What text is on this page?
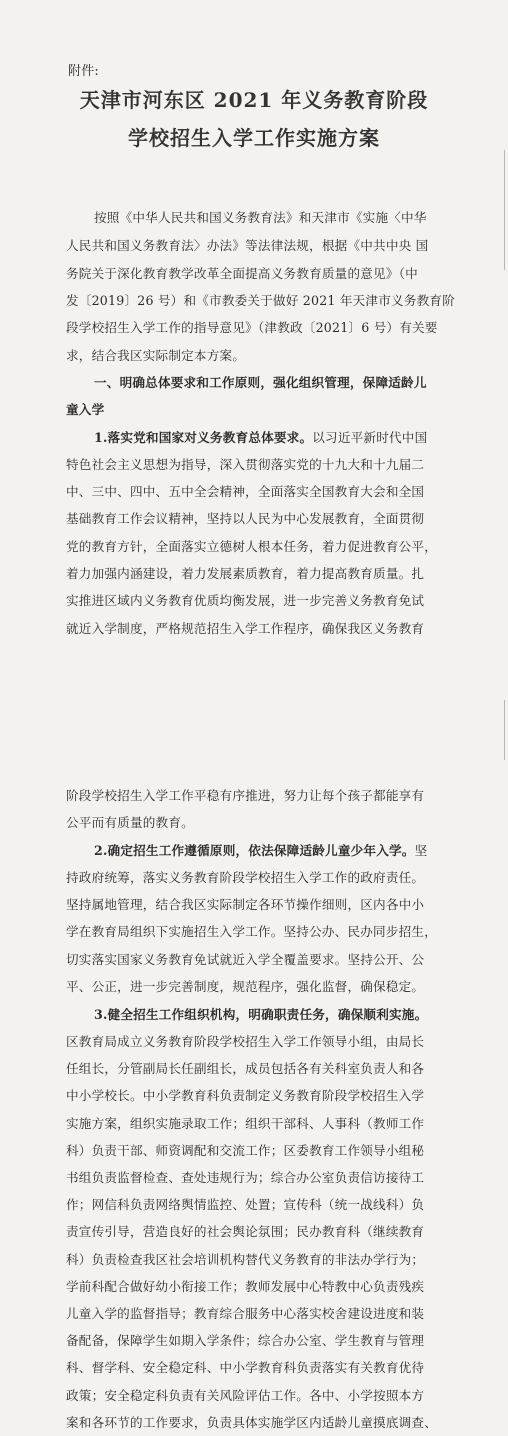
附件:
天津市河东区 2021 年义务教育阶段
学校招生入学工作实施方案
按照《中华人民共和国义务教育法》和天津市《实施〈中华
人民共和国义务教育法〉办法》等法律法规，根据《中共中央 国
务院关于深化教育教学改革全面提高义务教育质量的意见》（中
发〔2019〕26 号）和《市教委关于做好 2021 年天津市义务教育阶
段学校招生入学工作的指导意见》（津教政〔2021〕6 号）有关要
求，结合我区实际制定本方案。
一、明确总体要求和工作原则，强化组织管理，保障适龄儿
童入学
1.落实党和国家对义务教育总体要求。 以习近平新时代中国
特色社会主义思想为指导，深入贯彻落实党的十九大和十九届二
中、三中、四中、五中全会精神，全面落实全国教育大会和全国
基础教育工作会议精神，坚持以人民为中心发展教育，全面贯彻
党的教育方针，全面落实立德树人根本任务，着力促进教育公平，
着力加强内涵建设，着力发展素质教育，着力提高教育质量。扎
实推进区域内义务教育优质均衡发展，进一步完善义务教育免试
就近入学制度，严格规范招生入学工作程序，确保我区义务教育
阶段学校招生入学工作平稳有序推进，努力让每个孩子都能享有
公平而有质量的教育。
2.确定招生工作遵循原则，依法保障适龄儿童少年入学。 坚
持政府统筹，落实义务教育阶段学校招生入学工作的政府责任。
坚持属地管理，结合我区实际制定各环节操作细则，区内各中小
学在教育局组织下实施招生入学工作。坚持公办、民办同步招生，
切实落实国家义务教育免试就近入学全覆盖要求。坚持公开、公
平、公正，进一步完善制度，规范程序，强化监督，确保稳定。
3.健全招生工作组织机构，明确职责任务，确保顺利实施。
区教育局成立义务教育阶段学校招生入学工作领导小组，由局长
任组长，分管副局长任副组长，成员包括各有关科室负责人和各
中小学校长。中小学教育科负责制定义务教育阶段学校招生入学
实施方案，组织实施录取工作；组织干部科、人事科（教师工作
科）负责干部、师资调配和交流工作；区委教育工作领导小组秘
书组负责监督检查、查处违规行为；综合办公室负责信访接待工
作；网信科负责网络舆情监控、处置；宣传科（统一战线科）负
责宣传引导，营造良好的社会舆论氛围；民办教育科（继续教育
科）负责检查我区社会培训机构替代义务教育的非法办学行为；
学前科配合做好幼小衔接工作；教师发展中心特教中心负责残疾
儿童入学的监督指导；教育综合服务中心落实校舍建设进度和装
备配备，保障学生如期入学条件；综合办公室、学生教育与管理
科、督学科、安全稳定科、中小学教育科负责落实有关教育优待
政策；安全稳定科负责有关风险评估工作。各中、小学按照本方
案和各环节的工作要求，负责具体实施学区内适龄儿童摸底调查、
